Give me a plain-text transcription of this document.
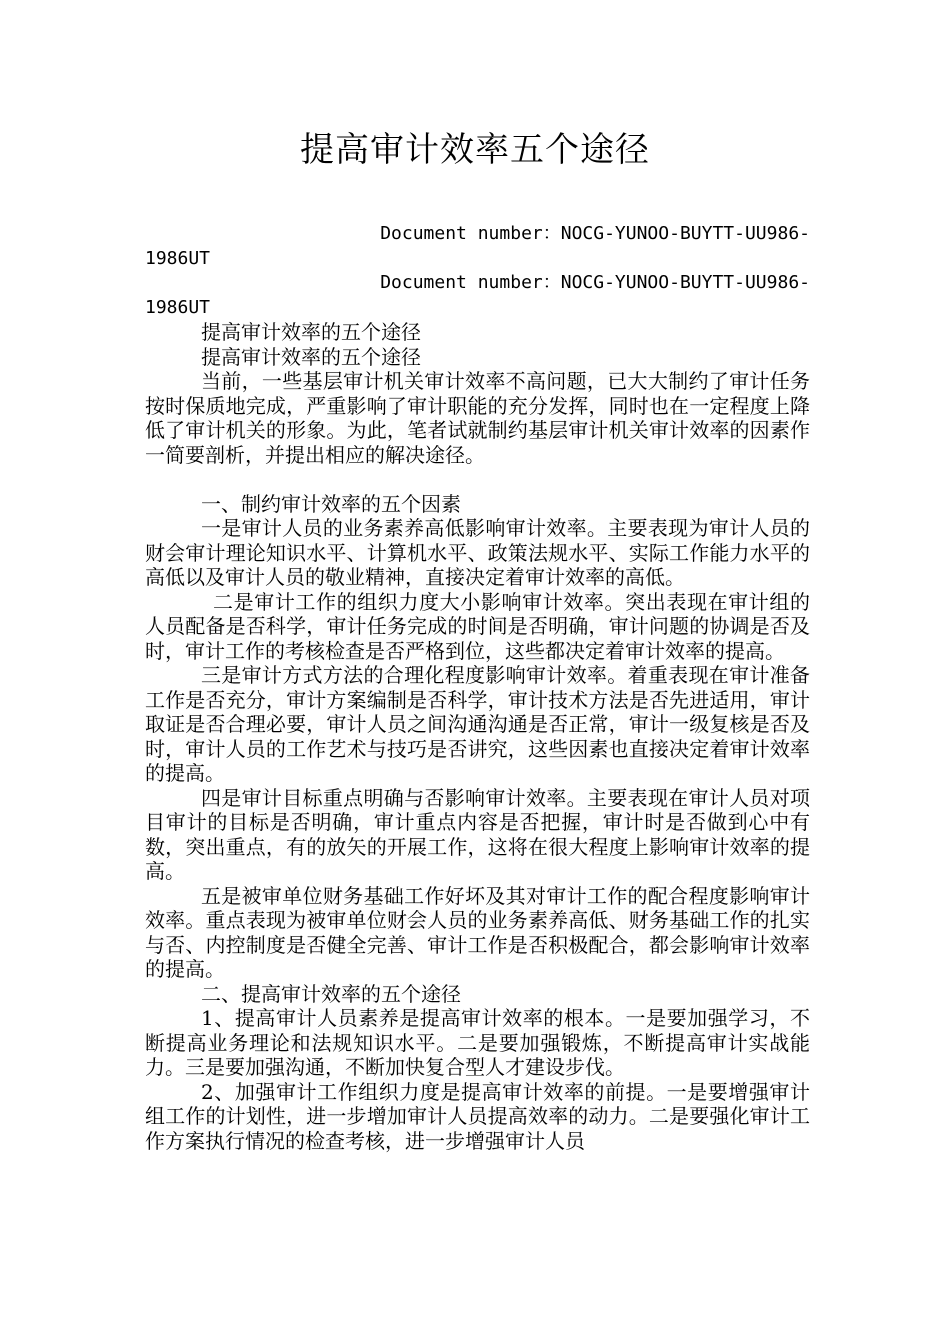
提高审计效率五个途径

Document number：NOCG-YUNOO-BUYTT-UU986-

1986UT

Document number：NOCG-YUNOO-BUYTT-UU986-

1986UT

提高审计效率的五个途径

提高审计效率的五个途径

当前，一些基层审计机关审计效率不高问题，已大大制约了审计任务按时保质地完成，严重影响了审计职能的充分发挥，同时也在一定程度上降低了审计机关的形象。为此，笔者试就制约基层审计机关审计效率的因素作一简要剖析，并提出相应的解决途径。

一、制约审计效率的五个因素

一是审计人员的业务素养高低影响审计效率。主要表现为审计人员的财会审计理论知识水平、计算机水平、政策法规水平、实际工作能力水平的高低以及审计人员的敬业精神，直接决定着审计效率的高低。

二是审计工作的组织力度大小影响审计效率。突出表现在审计组的人员配备是否科学，审计任务完成的时间是否明确，审计问题的协调是否及时，审计工作的考核检查是否严格到位，这些都决定着审计效率的提高。

三是审计方式方法的合理化程度影响审计效率。着重表现在审计准备工作是否充分，审计方案编制是否科学，审计技术方法是否先进适用，审计取证是否合理必要，审计人员之间沟通沟通是否正常，审计一级复核是否及时，审计人员的工作艺术与技巧是否讲究，这些因素也直接决定着审计效率的提高。

四是审计目标重点明确与否影响审计效率。主要表现在审计人员对项目审计的目标是否明确，审计重点内容是否把握，审计时是否做到心中有数，突出重点，有的放矢的开展工作，这将在很大程度上影响审计效率的提高。

五是被审单位财务基础工作好坏及其对审计工作的配合程度影响审计效率。重点表现为被审单位财会人员的业务素养高低、财务基础工作的扎实与否、内控制度是否健全完善、审计工作是否积极配合，都会影响审计效率的提高。

二、提高审计效率的五个途径

1、提高审计人员素养是提高审计效率的根本。一是要加强学习，不断提高业务理论和法规知识水平。二是要加强锻炼，不断提高审计实战能力。三是要加强沟通，不断加快复合型人才建设步伐。

2、加强审计工作组织力度是提高审计效率的前提。一是要增强审计组工作的计划性，进一步增加审计人员提高效率的动力。二是要强化审计工作方案执行情况的检查考核，进一步增强审计人员
